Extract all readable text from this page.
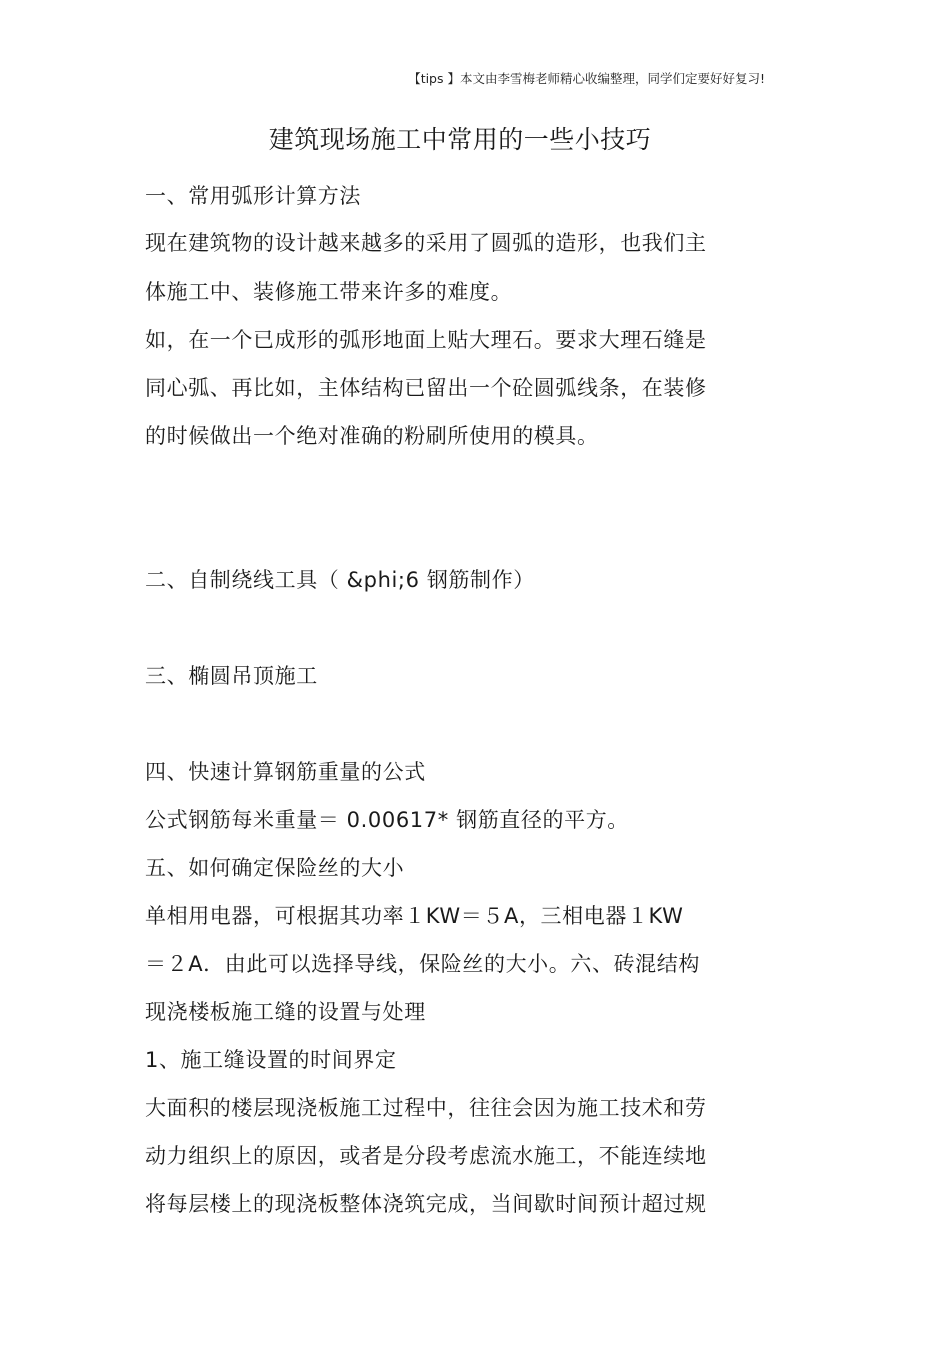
【tips 】本文由李雪梅老师精心收编整理，同学们定要好好复习!
建筑现场施工中常用的一些小技巧
一、常用弧形计算方法
现在建筑物的设计越来越多的采用了圆弧的造形，也我们主
体施工中、装修施工带来许多的难度。
如，在一个已成形的弧形地面上贴大理石。要求大理石缝是
同心弧、再比如，主体结构已留出一个砼圆弧线条，在装修
的时候做出一个绝对准确的粉刷所使用的模具。
二、自制绕线工具（ &phi;6 钢筋制作）
三、椭圆吊顶施工
四、快速计算钢筋重量的公式
公式钢筋每米重量＝ 0.00617* 钢筋直径的平方。
五、如何确定保险丝的大小
单相用电器，可根据其功率１KW＝５A，三相电器１KW
＝２A．由此可以选择导线，保险丝的大小。六、砖混结构
现浇楼板施工缝的设置与处理
1、施工缝设置的时间界定
大面积的楼层现浇板施工过程中，往往会因为施工技术和劳
动力组织上的原因，或者是分段考虑流水施工，不能连续地
将每层楼上的现浇板整体浇筑完成，当间歇时间预计超过规
